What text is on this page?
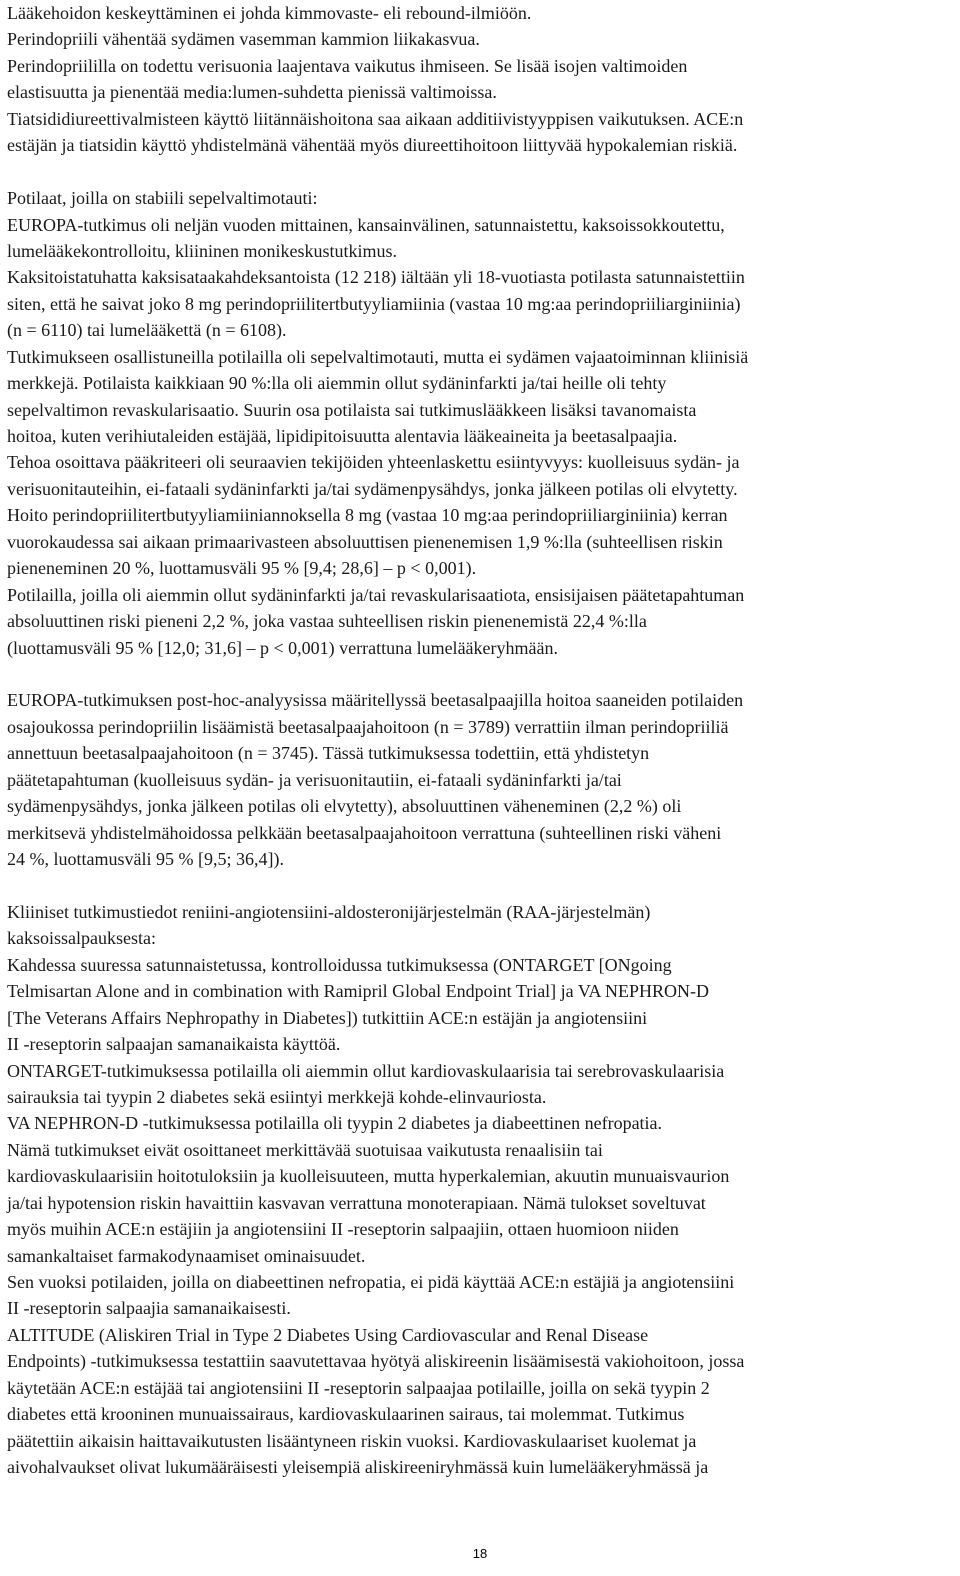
Lääkehoidon keskeyttäminen ei johda kimmovaste- eli rebound-ilmiöön.
Perindopriili vähentää sydämen vasemman kammion liikakasvua.
Perindopriililla on todettu verisuonia laajentava vaikutus ihmiseen. Se lisää isojen valtimoiden
elastisuutta ja pienentää media:lumen-suhdetta pienissä valtimoissa.
Tiatsididiureettivalmisteen käyttö liitännäishoitona saa aikaan additiivistyyppisen vaikutuksen. ACE:n
estäjän ja tiatsidin käyttö yhdistelmänä vähentää myös diureettihoitoon liittyvää hypokalemian riskiä.
Potilaat, joilla on stabiili sepelvaltimotauti:
EUROPA-tutkimus oli neljän vuoden mittainen, kansainvälinen, satunnaistettu, kaksoissokkoutettu,
lumelääkekontrolloitu, kliininen monikeskustutkimus.
Kaksitoistatuhatta kaksisataakahdeksantoista (12 218) iältään yli 18-vuotiasta potilasta satunnaistettiin
siten, että he saivat joko 8 mg perindopriilitertbutyyliamiinia (vastaa 10 mg:aa perindopriiliarginiinia)
(n = 6110) tai lumelääkettä (n = 6108).
Tutkimukseen osallistuneilla potilailla oli sepelvaltimotauti, mutta ei sydämen vajaatoiminnan kliinisiä
merkkejä. Potilaista kaikkiaan 90 %:lla oli aiemmin ollut sydäninfarkti ja/tai heille oli tehty
sepelvaltimon revaskularisaatio. Suurin osa potilaista sai tutkimuslääkkeen lisäksi tavanomaista
hoitoa, kuten verihiutaleiden estäjää, lipidipitoisuutta alentavia lääkeaineita ja beetasalpaajia.
Tehoa osoittava pääkriteeri oli seuraavien tekijöiden yhteenlaskettu esiintyvyys: kuolleisuus sydän- ja
verisuonitauteihin, ei-fataali sydäninfarkti ja/tai sydämenpysähdys, jonka jälkeen potilas oli elvytetty.
Hoito perindopriilitertbutyyliamiiniannoksella 8 mg (vastaa 10 mg:aa perindopriiliarginiinia) kerran
vuorokaudessa sai aikaan primaarivasteen absoluuttisen pienenemisen 1,9 %:lla (suhteellisen riskin
pieneneminen 20 %, luottamusväli 95 % [9,4; 28,6] – p < 0,001).
Potilailla, joilla oli aiemmin ollut sydäninfarkti ja/tai revaskularisaatiota, ensisijaisen päätetapahtuman
absoluuttinen riski pieneni 2,2 %, joka vastaa suhteellisen riskin pienenemistä 22,4 %:lla
(luottamusväli 95 % [12,0; 31,6] – p < 0,001) verrattuna lumelääkeryhmään.
EUROPA-tutkimuksen post-hoc-analyysissa määritellyssä beetasalpaajilla hoitoa saaneiden potilaiden
osajoukossa perindopriilin lisäämistä beetasalpaajahoitoon (n = 3789) verrattiin ilman perindopriiliä
annettuun beetasalpaajahoitoon (n = 3745). Tässä tutkimuksessa todettiin, että yhdistetyn
päätetapahtuman (kuolleisuus sydän- ja verisuonitautiin, ei-fataali sydäninfarkti ja/tai
sydämenpysähdys, jonka jälkeen potilas oli elvytetty), absoluuttinen väheneminen (2,2 %) oli
merkitsevä yhdistelmähoidossa pelkkään beetasalpaajahoitoon verrattuna (suhteellinen riski väheni
24 %, luottamusväli 95 % [9,5; 36,4]).
Kliiniset tutkimustiedot reniini-angiotensiini-aldosteronijärjestelmän (RAA-järjestelmän)
kaksoissalpauksesta:
Kahdessa suuressa satunnaistetussa, kontrolloidussa tutkimuksessa (ONTARGET [ONgoing
Telmisartan Alone and in combination with Ramipril Global Endpoint Trial] ja VA NEPHRON-D
[The Veterans Affairs Nephropathy in Diabetes]) tutkittiin ACE:n estäjän ja angiotensiini
II -reseptorin salpaajan samanaikaista käyttöä.
ONTARGET-tutkimuksessa potilailla oli aiemmin ollut kardiovaskulaarisia tai serebrovaskulaarisia
sairauksia tai tyypin 2 diabetes sekä esiintyi merkkejä kohde-elinvauriosta.
VA NEPHRON-D -tutkimuksessa potilailla oli tyypin 2 diabetes ja diabeettinen nefropatia.
Nämä tutkimukset eivät osoittaneet merkittävää suotuisaa vaikutusta renaalisiin tai
kardiovaskulaarisiin hoitotuloksiin ja kuolleisuuteen, mutta hyperkalemian, akuutin munuaisvaurion
ja/tai hypotension riskin havaittiin kasvavan verrattuna monoterapiaan. Nämä tulokset soveltuvat
myös muihin ACE:n estäjiin ja angiotensiini II -reseptorin salpaajiin, ottaen huomioon niiden
samankaltaiset farmakodynaamiset ominaisuudet.
Sen vuoksi potilaiden, joilla on diabeettinen nefropatia, ei pidä käyttää ACE:n estäjiä ja angiotensiini
II -reseptorin salpaajia samanaikaisesti.
ALTITUDE (Aliskiren Trial in Type 2 Diabetes Using Cardiovascular and Renal Disease
Endpoints) -tutkimuksessa testattiin saavutettavaa hyötyä aliskireenin lisäämisestä vakiohoitoon, jossa
käytetään ACE:n estäjää tai angiotensiini II -reseptorin salpaajaa potilaille, joilla on sekä tyypin 2
diabetes että krooninen munuaissairaus, kardiovaskulaarinen sairaus, tai molemmat. Tutkimus
päätettiin aikaisin haittavaikutusten lisääntyneen riskin vuoksi. Kardiovaskulaariset kuolemat ja
aivohalvaukset olivat lukumääräisesti yleisempiä aliskireeniryhmässä kuin lumelääkeryhmässä ja
18
